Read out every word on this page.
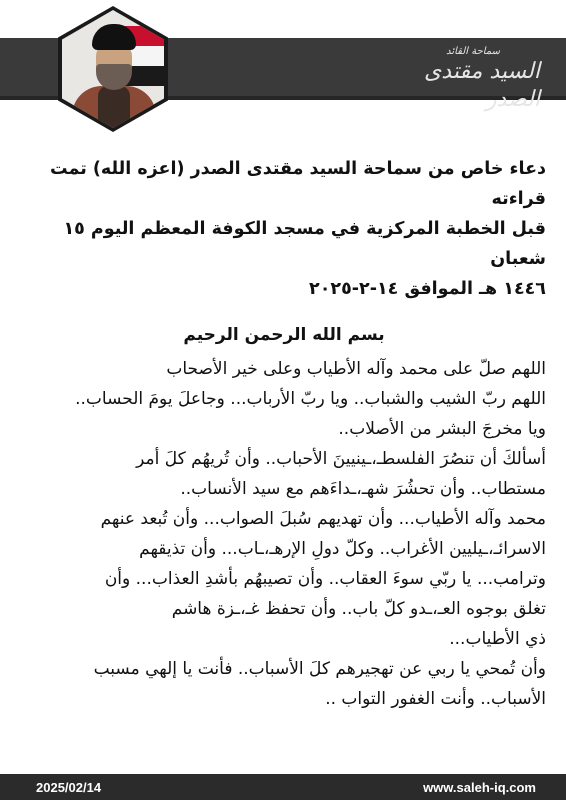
سماحة القائد
السيد مقتدى الصدر
دعاء خاص من سماحة السيد مقتدى الصدر (اعزه الله) تمت قراءته
قبل الخطبة المركزية في مسجد الكوفة المعظم اليوم ١٥ شعبان
١٤٤٦ هـ الموافق ١٤-٢-٢٠٢٥
بسم الله الرحمن الرحيم

اللهم صلّ على محمد وآله الأطياب وعلى خير الأصحاب

اللهم ربّ الشيب والشباب.. ويا ربّ الأرباب... وجاعلَ يومَ الحساب..

ويا مخرجَ البشر من الأصلاب..

أسألكَ أن تنصُرَ الفلسطـ،ـينيينَ الأحباب.. وأن تُريهُم كلَ أمر

مستطاب.. وأن تحشُرَ شهـ،ـداءَهم مع سيد الأنساب..

محمد وآله الأطياب... وأن تهديهم سُبلَ الصواب... وأن تُبعد عنهم

الاسرائـ،ـيليين الأغراب.. وكلّ دولِ الإرهـ،ـاب... وأن تذيقهم

وترامب... يا ربّي سوءَ العقاب.. وأن تصيبهُم بأشدِ العذاب... وأن

تغلق بوجوه العـ،ـدو كلّ باب.. وأن تحفظ غـ،ـزة هاشم

ذي الأطياب...

وأن تُمحي يا ربي عن تهجيرهم كلَ الأسباب.. فأنت يا إلهي مسبب

الأسباب.. وأنت الغفور التواب ..

2025/02/14	www.saleh-iq.com
